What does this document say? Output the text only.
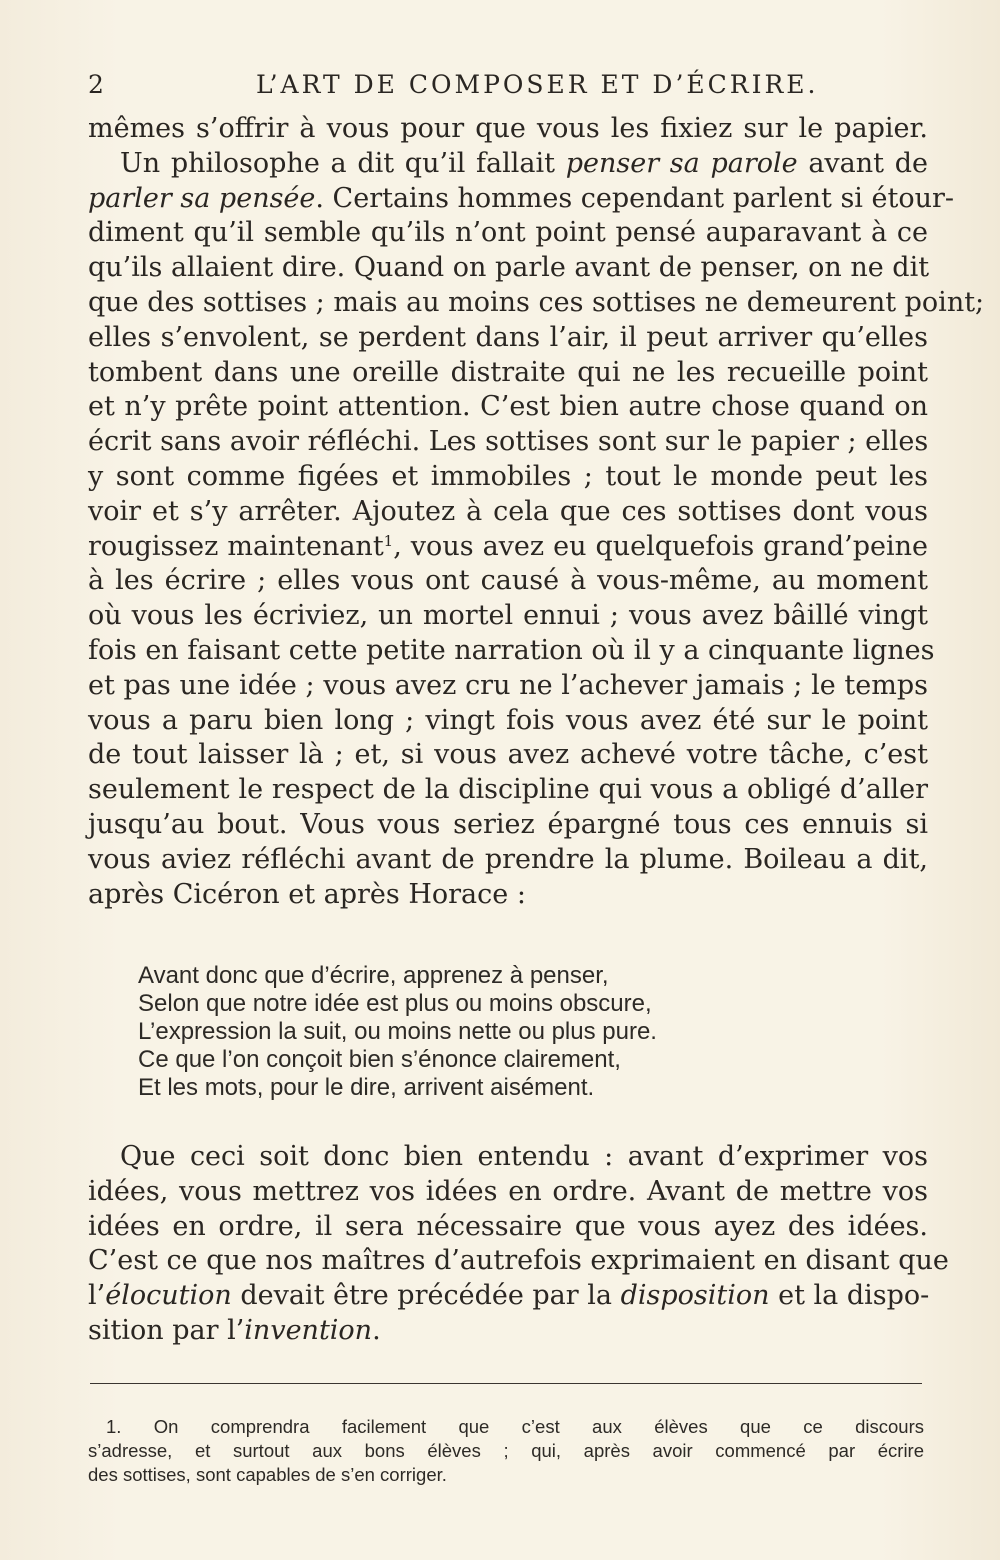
2	L’ART DE COMPOSER ET D’ÉCRIRE.
mêmes s’offrir à vous pour que vous les fixiez sur le papier.
Un philosophe a dit qu’il fallait penser sa parole avant de
parler sa pensée. Certains hommes cependant parlent si étour-
diment qu’il semble qu’ils n’ont point pensé auparavant à ce
qu’ils allaient dire. Quand on parle avant de penser, on ne dit
que des sottises ; mais au moins ces sottises ne demeurent point;
elles s’envolent, se perdent dans l’air, il peut arriver qu’elles
tombent dans une oreille distraite qui ne les recueille point
et n’y prête point attention. C’est bien autre chose quand on
écrit sans avoir réfléchi. Les sottises sont sur le papier ; elles
y sont comme figées et immobiles ; tout le monde peut les
voir et s’y arrêter. Ajoutez à cela que ces sottises dont vous
rougissez maintenant$^1$, vous avez eu quelquefois grand’peine
à les écrire ; elles vous ont causé à vous-même, au moment
où vous les écriviez, un mortel ennui ; vous avez bâillé vingt
fois en faisant cette petite narration où il y a cinquante lignes
et pas une idée ; vous avez cru ne l’achever jamais ; le temps
vous a paru bien long ; vingt fois vous avez été sur le point
de tout laisser là ; et, si vous avez achevé votre tâche, c’est
seulement le respect de la discipline qui vous a obligé d’aller
jusqu’au bout. Vous vous seriez épargné tous ces ennuis si
vous aviez réfléchi avant de prendre la plume. Boileau a dit,
après Cicéron et après Horace :
Avant donc que d’écrire, apprenez à penser,
Selon que notre idée est plus ou moins obscure,
L’expression la suit, ou moins nette ou plus pure.
Ce que l’on conçoit bien s’énonce clairement,
Et les mots, pour le dire, arrivent aisément.
Que ceci soit donc bien entendu : avant d’exprimer vos
idées, vous mettrez vos idées en ordre. Avant de mettre vos
idées en ordre, il sera nécessaire que vous ayez des idées.
C’est ce que nos maîtres d’autrefois exprimaient en disant que
l’élocution devait être précédée par la disposition et la dispo-
sition par l’invention.
1. On comprendra facilement que c’est aux élèves que ce discours
s’adresse, et surtout aux bons élèves ; qui, après avoir commencé par écrire
des sottises, sont capables de s’en corriger.
